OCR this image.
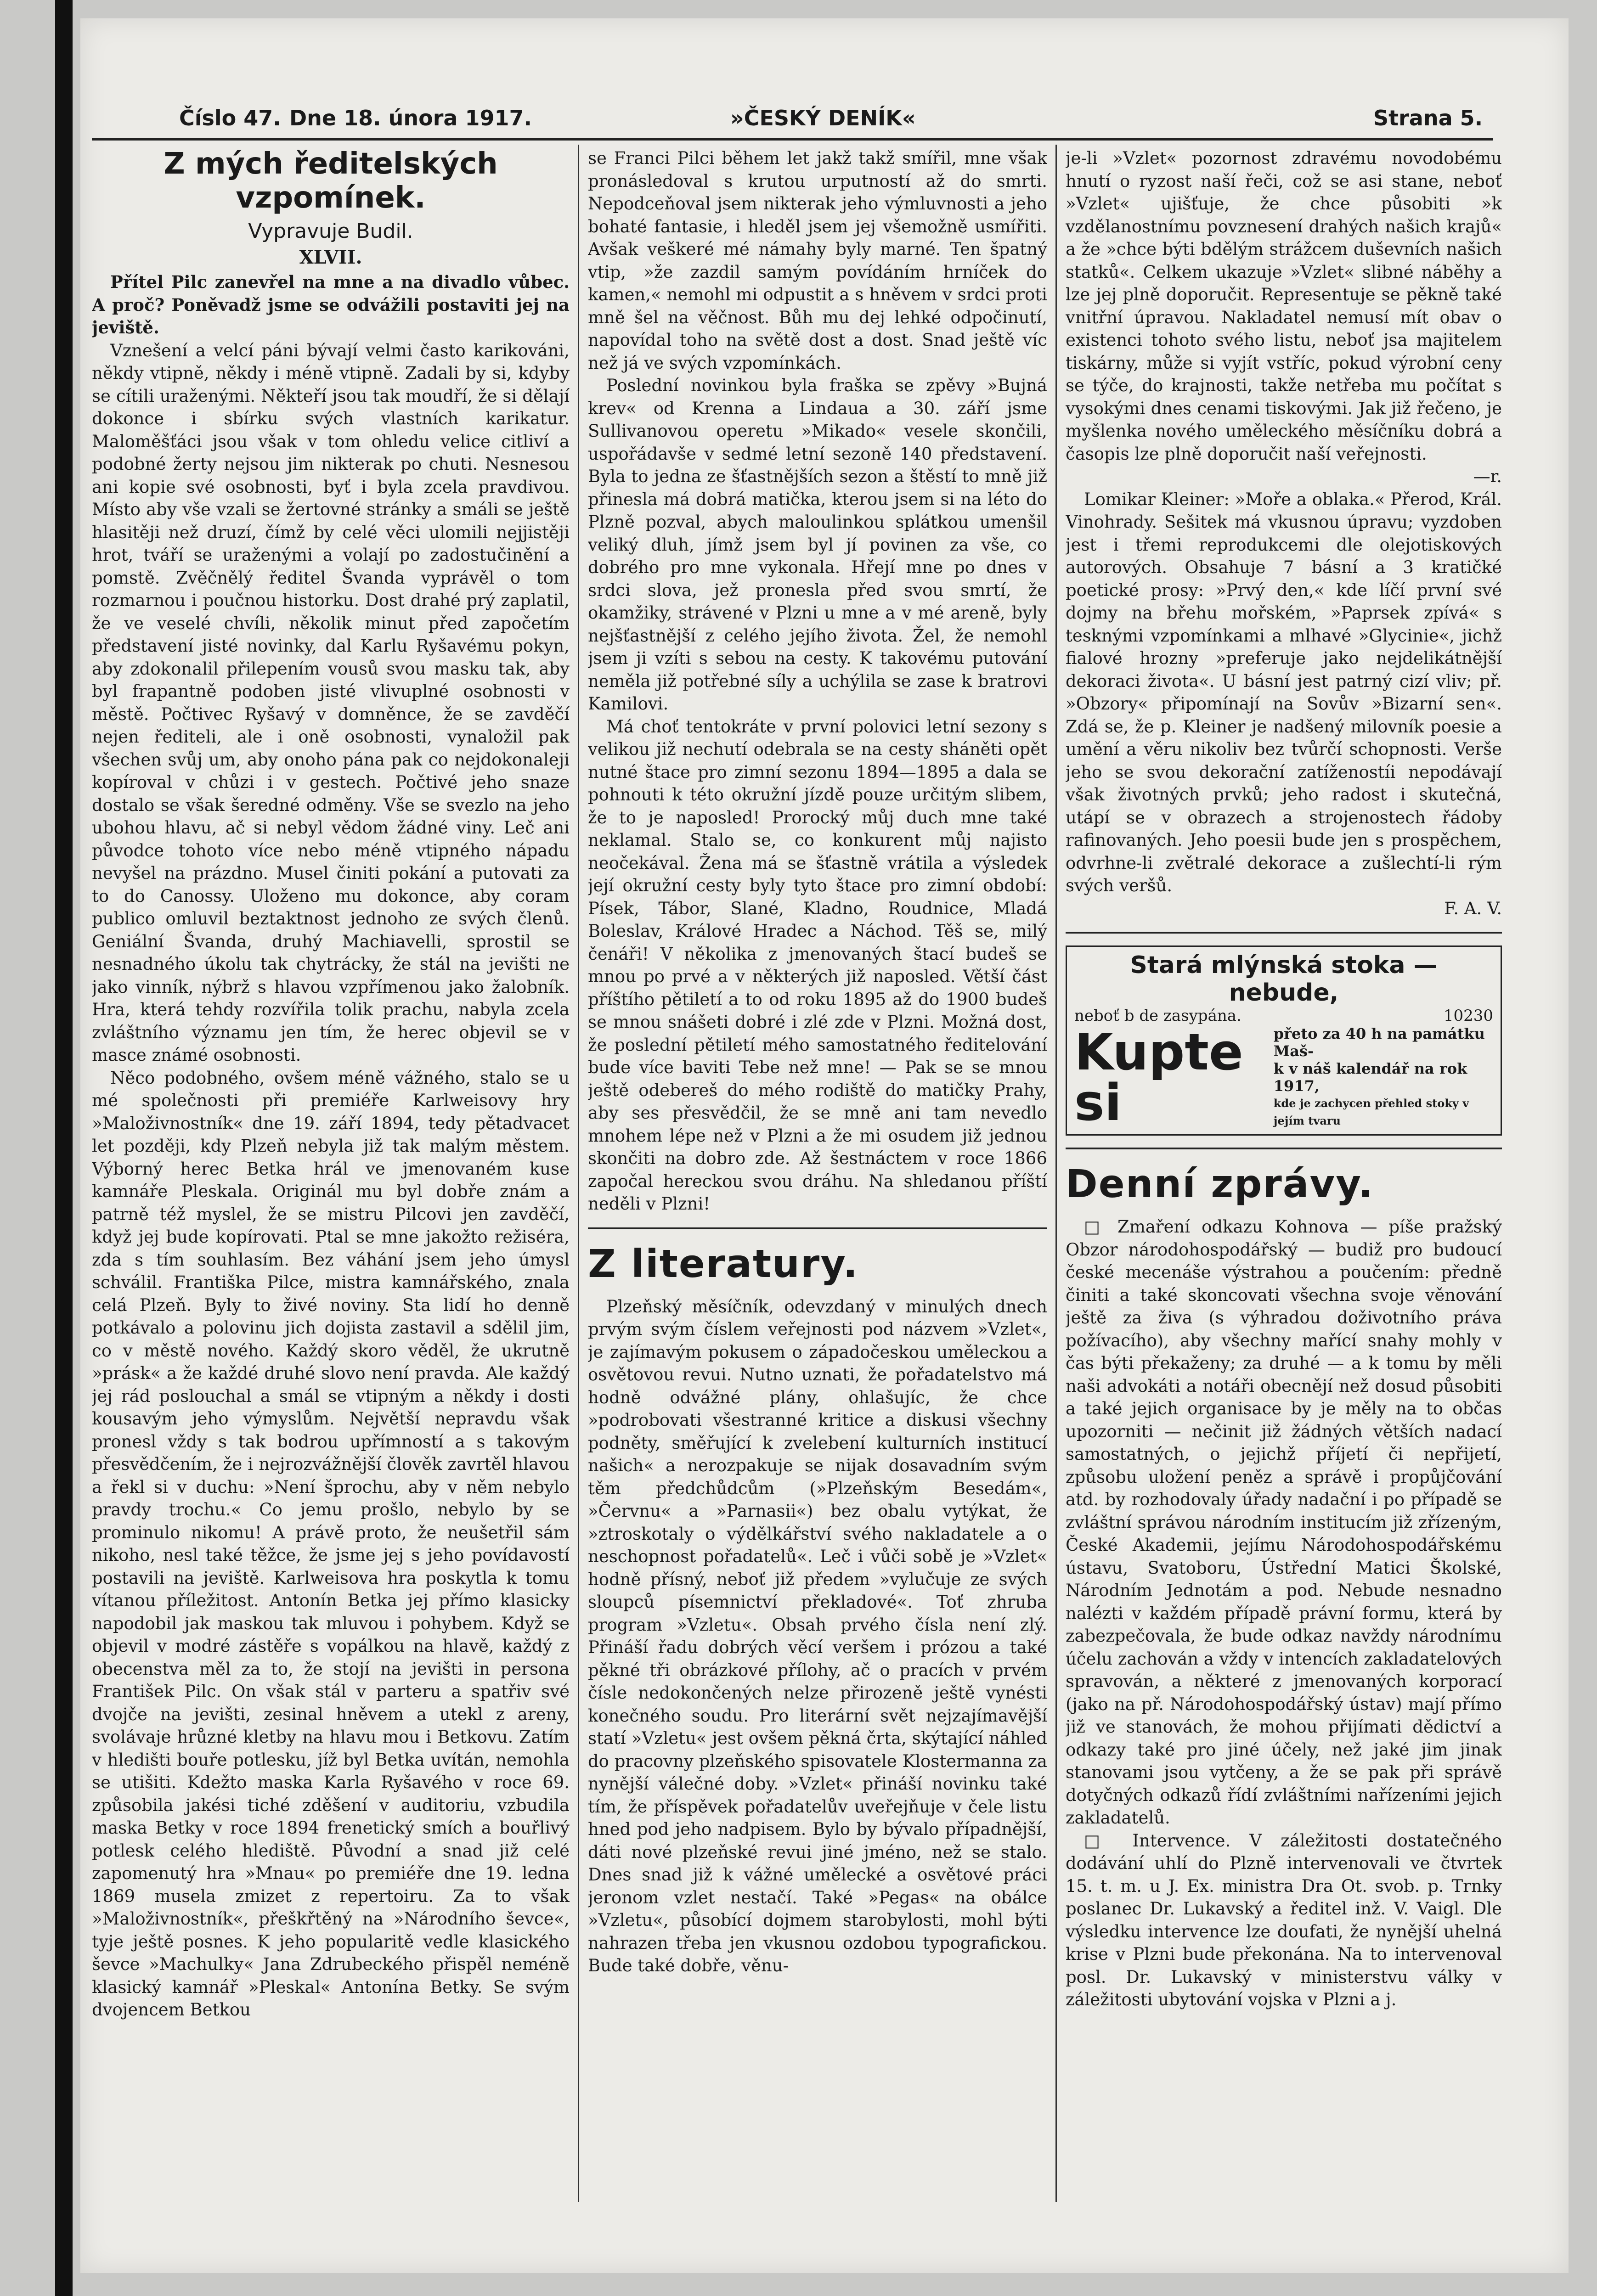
Číslo 47. Dne 18. února 1917.	»ČESKÝ DENÍK«	Strana 5.
Z mých ředitelských vzpomínek.
Vypravuje Budil.
XLVII.

Přítel Pilc zanevřel na mne a na divadlo vůbec. A proč? Poněvadž jsme se odvážili postaviti jej na jeviště.

Vznešení a velcí páni bývají velmi často karikováni, někdy vtipně, někdy i méně vtipně. Zadali by si, kdyby se cítili uraženými. Někteří jsou tak moudří, že si dělají dokonce i sbírku svých vlastních karikatur. Maloměšťáci jsou však v tom ohledu velice citliví a podobné žerty nejsou jim nikterak po chuti. Nesnesou ani kopie své osobnosti, byť i byla zcela pravdivou. Místo aby vše vzali se žertovné stránky a smáli se ještě hlasitěji než druzí, čímž by celé věci ulomili nejjistěji hrot, tváří se uraženými a volají po zadostučinění a pomstě. Zvěčnělý ředitel Švanda vyprávěl o tom rozmarnou i poučnou historku. Dost drahé prý zaplatil, že ve veselé chvíli, několik minut před započetím představení jisté novinky, dal Karlu Ryšavému pokyn, aby zdokonalil přilepením vousů svou masku tak, aby byl frapantně podoben jisté vlivuplné osobnosti v městě. Počtivec Ryšavý v domněnce, že se zavděčí nejen řediteli, ale i oně osobnosti, vynaložil pak všechen svůj um, aby onoho pána pak co nejdokonaleji kopíroval v chůzi i v gestech. Počtivé jeho snaze dostalo se však šeredné odměny. Vše se svezlo na jeho ubohou hlavu, ač si nebyl vědom žádné viny. Leč ani původce tohoto více nebo méně vtipného nápadu nevyšel na prázdno. Musel činiti pokání a putovati za to do Canossy. Uloženo mu dokonce, aby coram publico omluvil beztaktnost jednoho ze svých členů. Geniální Švanda, druhý Machiavelli, sprostil se nesnadného úkolu tak chytrácky, že stál na jevišti ne jako vinník, nýbrž s hlavou vzpřímenou jako žalobník. Hra, která tehdy rozvířila tolik prachu, nabyla zcela zvláštního významu jen tím, že herec objevil se v masce známé osobnosti.

Něco podobného, ovšem méně vážného, stalo se u mé společnosti při premiéře Karlweisovy hry »Maloživnostník« dne 19. září 1894, tedy pětadvacet let později, kdy Plzeň nebyla již tak malým městem. Výborný herec Betka hrál ve jmenovaném kuse kamnáře Pleskala. Originál mu byl dobře znám a patrně též myslel, že se mistru Pilcovi jen zavděčí, když jej bude kopírovati. Ptal se mne jakožto režiséra, zda s tím souhlasím. Bez váhání jsem jeho úmysl schválil. Františka Pilce, mistra kamnářského, znala celá Plzeň. Byly to živé noviny. Sta lidí ho denně potkávalo a polovinu jich dojista zastavil a sdělil jim, co v městě nového. Každý skoro věděl, že ukrutně »prásk« a že každé druhé slovo není pravda. Ale každý jej rád poslouchal a smál se vtipným a někdy i dosti kousavým jeho výmyslům. Největší nepravdu však pronesl vždy s tak bodrou upřímností a s takovým přesvědčením, že i nejrozvážnější člověk zavrtěl hlavou a řekl si v duchu: »Není šprochu, aby v něm nebylo pravdy trochu.« Co jemu prošlo, nebylo by se prominulo nikomu! A právě proto, že neušetřil sám nikoho, nesl také těžce, že jsme jej s jeho povídavostí postavili na jeviště. Karlweisova hra poskytla k tomu vítanou příležitost. Antonín Betka jej přímo klasicky napodobil jak maskou tak mluvou i pohybem. Když se objevil v modré zástěře s vopálkou na hlavě, každý z obecenstva měl za to, že stojí na jevišti in persona František Pilc. On však stál v parteru a spatřiv své dvojče na jevišti, zesinal hněvem a utekl z areny, svolávaje hrůzné kletby na hlavu mou i Betkovu. Zatím v hledišti bouře potlesku, jíž byl Betka uvítán, nemohla se utišiti. Kdežto maska Karla Ryšavého v roce 69. způsobila jakési tiché zděšení v auditoriu, vzbudila maska Betky v roce 1894 frenetický smích a bouřlivý potlesk celého hlediště. Původní a snad již celé zapomenutý hra »Mnau« po premiéře dne 19. ledna 1869 musela zmizet z repertoiru. Za to však »Maloživnostník«, přeškřtěný na »Národního ševce«, tyje ještě posnes. K jeho popularitě vedle klasického ševce »Machulky« Jana Zdrubeckého přispěl neméně klasický kamnář »Pleskal« Antonína Betky. Se svým dvojencem Betkou

se Franci Pilci během let jakž takž smířil, mne však pronásledoval s krutou urputností až do smrti. Nepodceňoval jsem nikterak jeho výmluvnosti a jeho bohaté fantasie, i hleděl jsem jej všemožně usmířiti. Avšak veškeré mé námahy byly marné. Ten špatný vtip, »že zazdil samým povídáním hrníček do kamen,« nemohl mi odpustit a s hněvem v srdci proti mně šel na věčnost. Bůh mu dej lehké odpočinutí, napovídal toho na světě dost a dost. Snad ještě víc než já ve svých vzpomínkách.

Poslední novinkou byla fraška se zpěvy »Bujná krev« od Krenna a Lindaua a 30. září jsme Sullivanovou operetu »Mikado« vesele skončili, uspořádavše v sedmé letní sezoně 140 představení. Byla to jedna ze šťastnějších sezon a štěstí to mně již přinesla má dobrá matička, kterou jsem si na léto do Plzně pozval, abych maloulinkou splátkou umenšil veliký dluh, jímž jsem byl jí povinen za vše, co dobrého pro mne vykonala. Hřejí mne po dnes v srdci slova, jež pronesla před svou smrtí, že okamžiky, strávené v Plzni u mne a v mé areně, byly nejšťastnější z celého jejího života. Žel, že nemohl jsem ji vzíti s sebou na cesty. K takovému putování neměla již potřebné síly a uchýlila se zase k bratrovi Kamilovi.

Má choť tentokráte v první polovici letní sezony s velikou již nechutí odebrala se na cesty sháněti opět nutné štace pro zimní sezonu 1894—1895 a dala se pohnouti k této okružní jízdě pouze určitým slibem, že to je naposled! Prorocký můj duch mne také neklamal. Stalo se, co konkurent můj najisto neočekával. Žena má se šťastně vrátila a výsledek její okružní cesty byly tyto štace pro zimní období: Písek, Tábor, Slané, Kladno, Roudnice, Mladá Boleslav, Králové Hradec a Náchod. Těš se, milý čenáři! V několika z jmenovaných štací budeš se mnou po prvé a v některých již naposled. Větší část příštího pětiletí a to od roku 1895 až do 1900 budeš se mnou snášeti dobré i zlé zde v Plzni. Možná dost, že poslední pětiletí mého samostatného ředitelování bude více baviti Tebe než mne! — Pak se se mnou ještě odebereš do mého rodiště do matičky Prahy, aby ses přesvědčil, že se mně ani tam nevedlo mnohem lépe než v Plzni a že mi osudem již jednou skončiti na dobro zde. Až šestnáctem v roce 1866 započal hereckou svou dráhu. Na shledanou příští neděli v Plzni!

Z literatury.

Plzeňský měsíčník, odevzdaný v minulých dnech prvým svým číslem veřejnosti pod názvem »Vzlet«, je zajímavým pokusem o západočeskou uměleckou a osvětovou revui. Nutno uznati, že pořadatelstvo má hodně odvážné plány, ohlašujíc, že chce »podrobovati všestranné kritice a diskusi všechny podněty, směřující k zvelebení kulturních institucí našich« a nerozpakuje se nijak dosavadním svým těm předchůdcům (»Plzeňským Besedám«, »Červnu« a »Parnasii«) bez obalu vytýkat, že »ztroskotaly o výdělkářství svého nakladatele a o neschopnost pořadatelů«. Leč i vůči sobě je »Vzlet« hodně přísný, neboť již předem »vylučuje ze svých sloupců písemnictví překladové«. Toť zhruba program »Vzletu«. Obsah prvého čísla není zlý. Přináší řadu dobrých věcí veršem i prózou a také pěkné tři obrázkové přílohy, ač o pracích v prvém čísle nedokončených nelze přirozeně ještě vynésti konečného soudu. Pro literární svět nejzajímavější statí »Vzletu« jest ovšem pěkná črta, skýtající náhled do pracovny plzeňského spisovatele Klostermanna za nynější válečné doby. »Vzlet« přináší novinku také tím, že příspěvek pořadatelův uveřejňuje v čele listu hned pod jeho nadpisem. Bylo by bývalo případnější, dáti nové plzeňské revui jiné jméno, než se stalo. Dnes snad již k vážné umělecké a osvětové práci jeronom vzlet nestačí. Také »Pegas« na obálce »Vzletu«, působící dojmem starobylosti, mohl býti nahrazen třeba jen vkusnou ozdobou typografickou. Bude také dobře, věnu-

je-li »Vzlet« pozornost zdravému novodobému hnutí o ryzost naší řeči, což se asi stane, neboť »Vzlet« ujišťuje, že chce působiti »k vzdělanostnímu povznesení drahých našich krajů« a že »chce býti bdělým strážcem duševních našich statků«. Celkem ukazuje »Vzlet« slibné náběhy a lze jej plně doporučit. Representuje se pěkně také vnitřní úpravou. Nakladatel nemusí mít obav o existenci tohoto svého listu, neboť jsa majitelem tiskárny, může si vyjít vstříc, pokud výrobní ceny se týče, do krajnosti, takže netřeba mu počítat s vysokými dnes cenami tiskovými. Jak již řečeno, je myšlenka nového uměleckého měsíčníku dobrá a časopis lze plně doporučit naší veřejnosti.

—r.

Lomikar Kleiner: »Moře a oblaka.« Přerod, Král. Vinohrady. Sešitek má vkusnou úpravu; vyzdoben jest i třemi reprodukcemi dle olejotiskových autorových. Obsahuje 7 básní a 3 kratičké poetické prosy: »Prvý den,« kde líčí první své dojmy na břehu mořském, »Paprsek zpívá« s tesknými vzpomínkami a mlhavé »Glycinie«, jichž fialové hrozny »preferuje jako nejdelikátnější dekoraci života«. U básní jest patrný cizí vliv; př. »Obzory« připomínají na Sovův »Bizarní sen«. Zdá se, že p. Kleiner je nadšený milovník poesie a umění a věru nikoliv bez tvůrčí schopnosti. Verše jeho se svou dekorační zatíženostíi nepodávají však životných prvků; jeho radost i skutečná, utápí se v obrazech a strojenostech řádoby rafinovaných. Jeho poesii bude jen s prospěchem, odvrhne-li zvětralé dekorace a zušlechtí-li rým svých veršů.

F. A. V.
Stará mlýnská stoka — nebude,
neboť b de zasypána.	10230
Kupte si
přeto za 40 h na památku Maš-
k v náš kalendář na rok 1917,
kde je zachycen přehled stoky v jejím tvaru
Denní zprávy.

□ Zmaření odkazu Kohnova — píše pražský Obzor národohospodářský — budiž pro budoucí české mecenáše výstrahou a poučením: předně činiti a také skoncovati všechna svoje věnování ještě za živa (s výhradou doživotního práva požívacího), aby všechny mařící snahy mohly v čas býti překaženy; za druhé — a k tomu by měli naši advokáti a notáři obecnějí než dosud působiti a také jejich organisace by je měly na to občas upozorniti — nečinit již žádných větších nadací samostatných, o jejichž příjetí či nepřijetí, způsobu uložení peněz a správě i propůjčování atd. by rozhodovaly úřady nadační i po případě se zvláštní správou národním institucím již zřízeným, České Akademii, jejímu Národohospodářskému ústavu, Svatoboru, Ústřední Matici Školské, Národním Jednotám a pod. Nebude nesnadno nalézti v každém případě právní formu, která by zabezpečovala, že bude odkaz navždy národnímu účelu zachován a vždy v intencích zakladatelových spravován, a některé z jmenovaných korporací (jako na př. Národohospodářský ústav) mají přímo již ve stanovách, že mohou přijímati dědictví a odkazy také pro jiné účely, než jaké jim jinak stanovami jsou vytčeny, a že se pak při správě dotyčných odkazů řídí zvláštními nařízeními jejich zakladatelů.

□ Intervence. V záležitosti dostatečného dodávání uhlí do Plzně intervenovali ve čtvrtek 15. t. m. u J. Ex. ministra Dra Ot. svob. p. Trnky poslanec Dr. Lukavský a ředitel inž. V. Vaigl. Dle výsledku intervence lze doufati, že nynější uhelná krise v Plzni bude překonána. Na to intervenoval posl. Dr. Lukavský v ministerstvu války v záležitosti ubytování vojska v Plzni a j.
